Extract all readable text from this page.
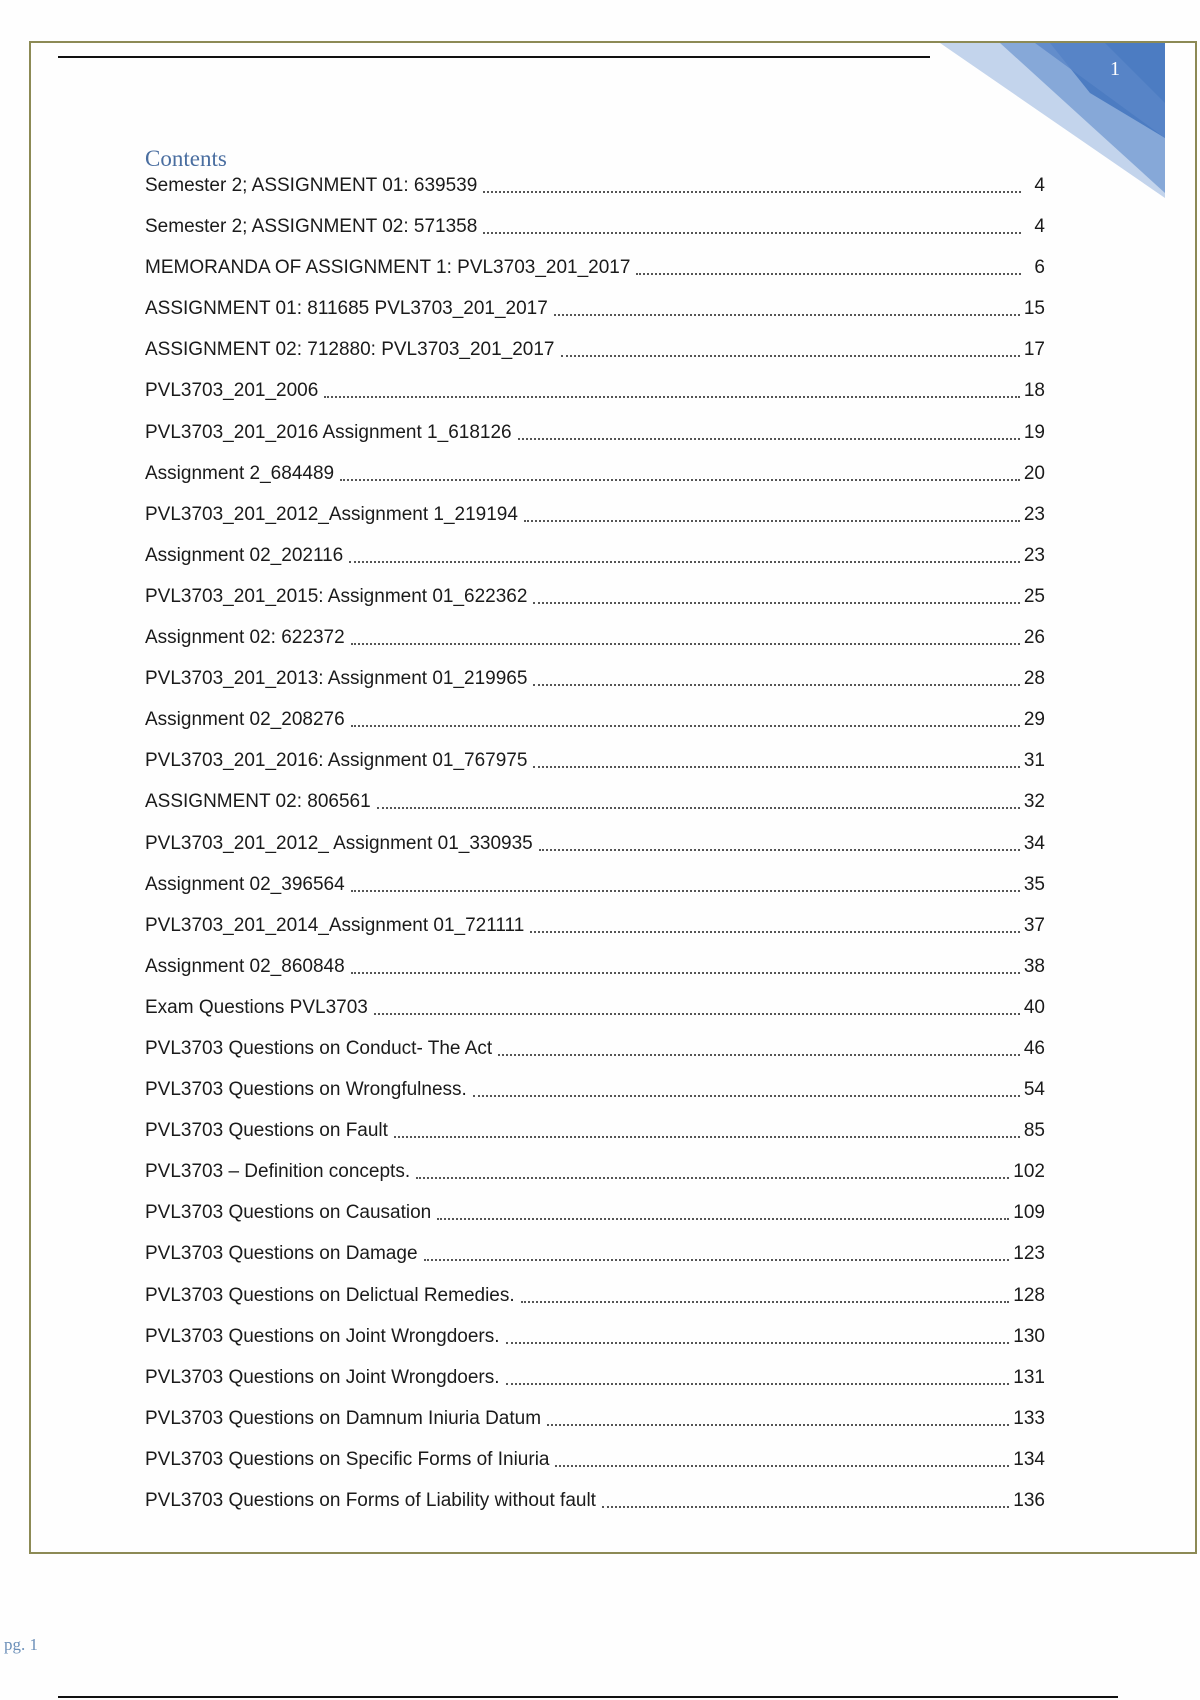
1
Contents
Semester 2; ASSIGNMENT 01: 639539	4
Semester 2; ASSIGNMENT 02: 571358	4
MEMORANDA OF ASSIGNMENT 1: PVL3703_201_2017	6
ASSIGNMENT 01: 811685 PVL3703_201_2017	15
ASSIGNMENT 02: 712880: PVL3703_201_2017	17
PVL3703_201_2006	18
PVL3703_201_2016 Assignment 1_618126	19
Assignment 2_684489	20
PVL3703_201_2012_Assignment 1_219194	23
Assignment 02_202116	23
PVL3703_201_2015: Assignment 01_622362	25
Assignment 02: 622372	26
PVL3703_201_2013: Assignment 01_219965	28
Assignment 02_208276	29
PVL3703_201_2016: Assignment 01_767975	31
ASSIGNMENT 02: 806561	32
PVL3703_201_2012_ Assignment 01_330935	34
Assignment 02_396564	35
PVL3703_201_2014_Assignment 01_721111	37
Assignment 02_860848	38
Exam Questions PVL3703	40
PVL3703 Questions on Conduct- The Act	46
PVL3703 Questions on Wrongfulness.	54
PVL3703 Questions on Fault	85
PVL3703 – Definition concepts.	102
PVL3703 Questions on Causation	109
PVL3703 Questions on Damage	123
PVL3703 Questions on Delictual Remedies.	128
PVL3703 Questions on Joint Wrongdoers.	130
PVL3703 Questions on Joint Wrongdoers.	131
PVL3703 Questions on Damnum Iniuria Datum	133
PVL3703 Questions on Specific Forms of Iniuria	134
PVL3703 Questions on Forms of Liability without fault	136
pg. 1
